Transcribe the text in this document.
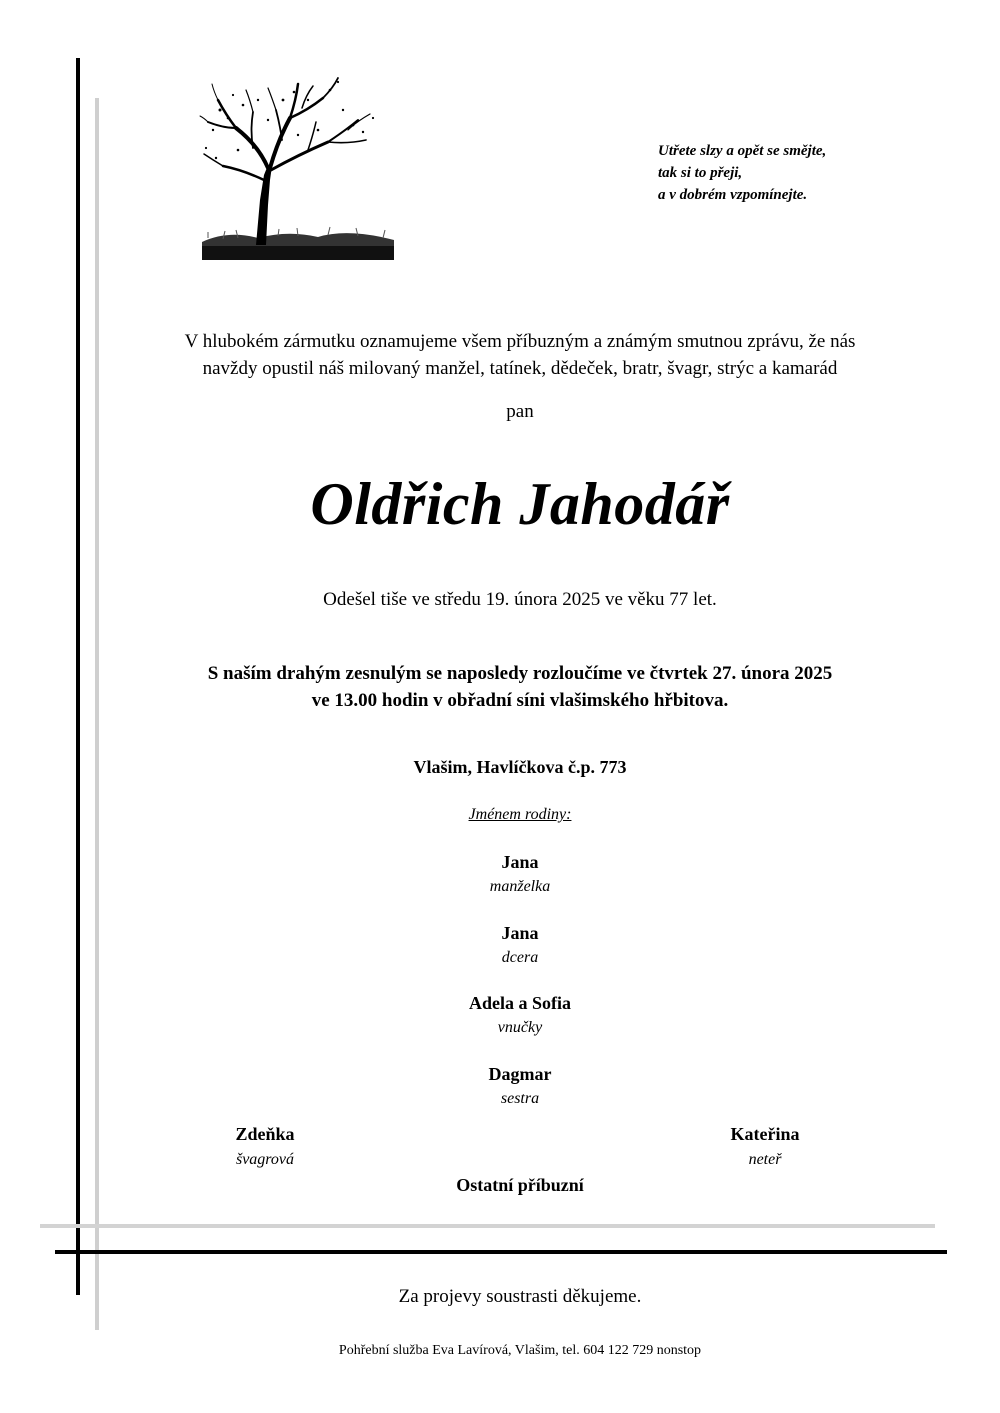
Utřete slzy a opět se smějte,
tak si to přeji,
a v dobrém vzpomínejte.
V hlubokém zármutku oznamujeme všem příbuzným a známým smutnou zprávu, že nás
navždy opustil náš milovaný manžel, tatínek, dědeček, bratr, švagr, strýc a kamarád
pan
Oldřich Jahodář
Odešel tiše ve středu 19. února 2025 ve věku 77 let.
S naším drahým zesnulým se naposledy rozloučíme ve čtvrtek 27. února 2025
ve 13.00 hodin v obřadní síni vlašimského hřbitova.
Vlašim, Havlíčkova č.p. 773
Jménem rodiny:
Jana
manželka
Jana
dcera
Adela a Sofia
vnučky
Dagmar
sestra
Zdeňka
švagrová
Kateřina
neteř
Ostatní příbuzní
Za projevy soustrasti děkujeme.
Pohřební služba Eva Lavírová, Vlašim, tel. 604 122 729 nonstop
